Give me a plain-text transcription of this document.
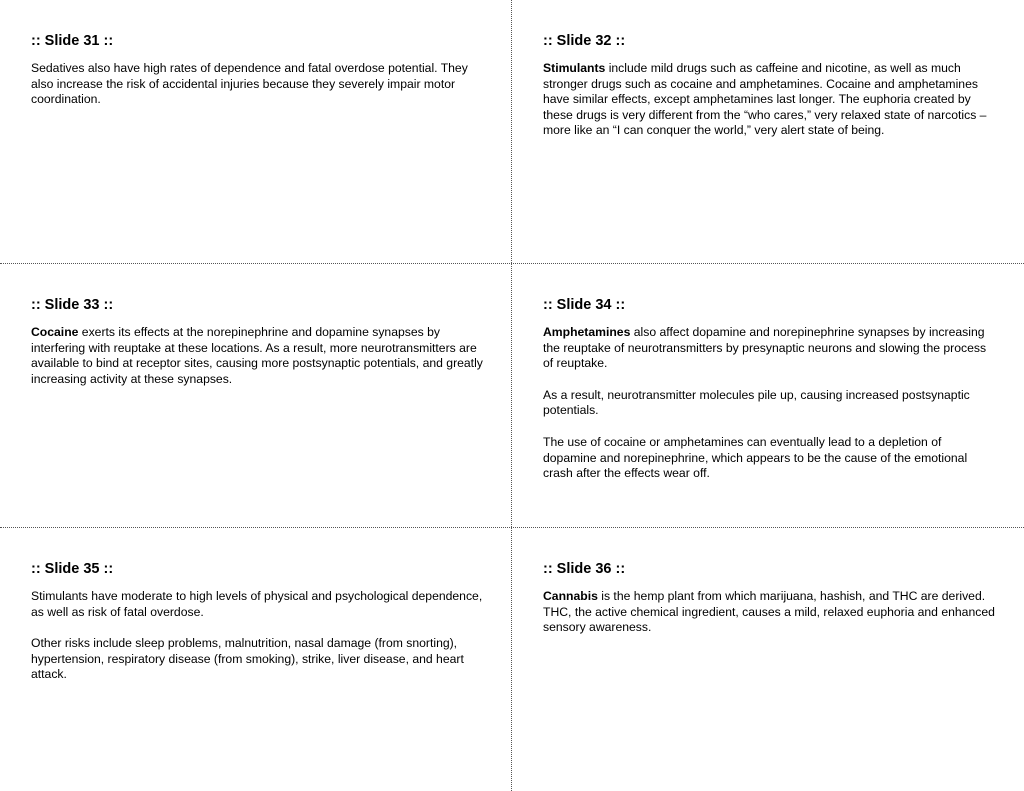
:: Slide 31 ::

Sedatives also have high rates of dependence and fatal overdose potential. They also increase the risk of accidental injuries because they severely impair motor coordination.

:: Slide 32 ::

Stimulants include mild drugs such as caffeine and nicotine, as well as much stronger drugs such as cocaine and amphetamines. Cocaine and amphetamines have similar effects, except amphetamines last longer. The euphoria created by these drugs is very different from the “who cares,” very relaxed state of narcotics – more like an “I can conquer the world,” very alert state of being.

:: Slide 33 ::

Cocaine exerts its effects at the norepinephrine and dopamine synapses by interfering with reuptake at these locations. As a result, more neurotransmitters are available to bind at receptor sites, causing more postsynaptic potentials, and greatly increasing activity at these synapses.

:: Slide 34 ::

Amphetamines also affect dopamine and norepinephrine synapses by increasing the reuptake of neurotransmitters by presynaptic neurons and slowing the process of reuptake.

As a result, neurotransmitter molecules pile up, causing increased postsynaptic potentials.

The use of cocaine or amphetamines can eventually lead to a depletion of dopamine and norepinephrine, which appears to be the cause of the emotional crash after the effects wear off.

:: Slide 35 ::

Stimulants have moderate to high levels of physical and psychological dependence, as well as risk of fatal overdose.

Other risks include sleep problems, malnutrition, nasal damage (from snorting), hypertension, respiratory disease (from smoking), strike, liver disease, and heart attack.

:: Slide 36 ::

Cannabis is the hemp plant from which marijuana, hashish, and THC are derived. THC, the active chemical ingredient, causes a mild, relaxed euphoria and enhanced sensory awareness.
